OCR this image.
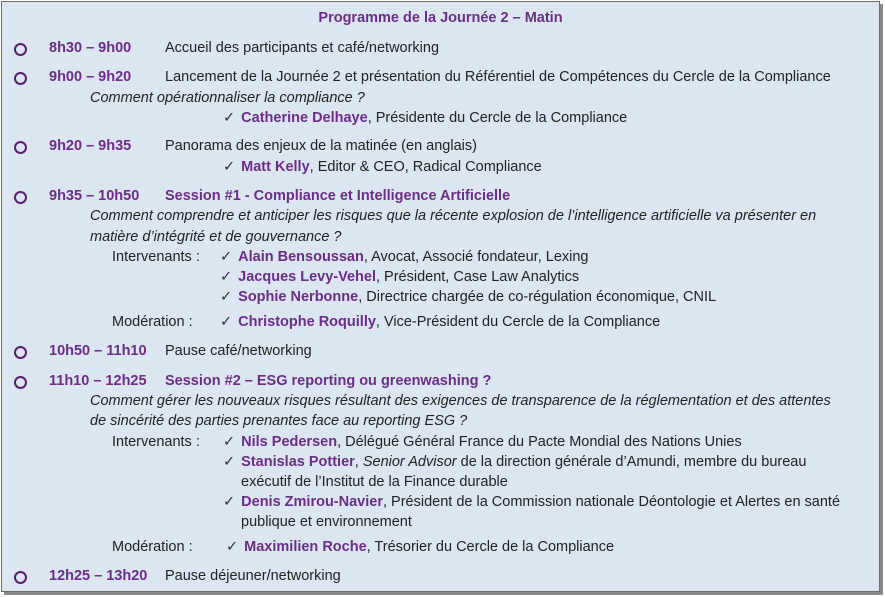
Programme de la Journée 2 – Matin
8h30 – 9h00 Accueil des participants et café/networking
9h00 – 9h20 Lancement de la Journée 2 et présentation du Référentiel de Compétences du Cercle de la Compliance
Comment opérationnaliser la compliance ?
✓ Catherine Delhaye, Présidente du Cercle de la Compliance
9h20 – 9h35 Panorama des enjeux de la matinée (en anglais)
✓ Matt Kelly, Editor & CEO, Radical Compliance
9h35 – 10h50 Session #1 - Compliance et Intelligence Artificielle
Comment comprendre et anticiper les risques que la récente explosion de l’intelligence artificielle va présenter en
matière d’intégrité et de gouvernance ?
Intervenants : ✓ Alain Bensoussan, Avocat, Associé fondateur, Lexing
✓ Jacques Levy-Vehel, Président, Case Law Analytics
✓ Sophie Nerbonne, Directrice chargée de co-régulation économique, CNIL
Modération : ✓ Christophe Roquilly, Vice-Président du Cercle de la Compliance
10h50 – 11h10 Pause café/networking
11h10 – 12h25 Session #2 – ESG reporting ou greenwashing ?
Comment gérer les nouveaux risques résultant des exigences de transparence de la réglementation et des attentes
de sincérité des parties prenantes face au reporting ESG ?
Intervenants : ✓ Nils Pedersen, Délégué Général France du Pacte Mondial des Nations Unies
✓ Stanislas Pottier, Senior Advisor de la direction générale d’Amundi, membre du bureau
exécutif de l’Institut de la Finance durable
✓ Denis Zmirou-Navier, Président de la Commission nationale Déontologie et Alertes en santé
publique et environnement
Modération : ✓ Maximilien Roche, Trésorier du Cercle de la Compliance
12h25 – 13h20 Pause déjeuner/networking
